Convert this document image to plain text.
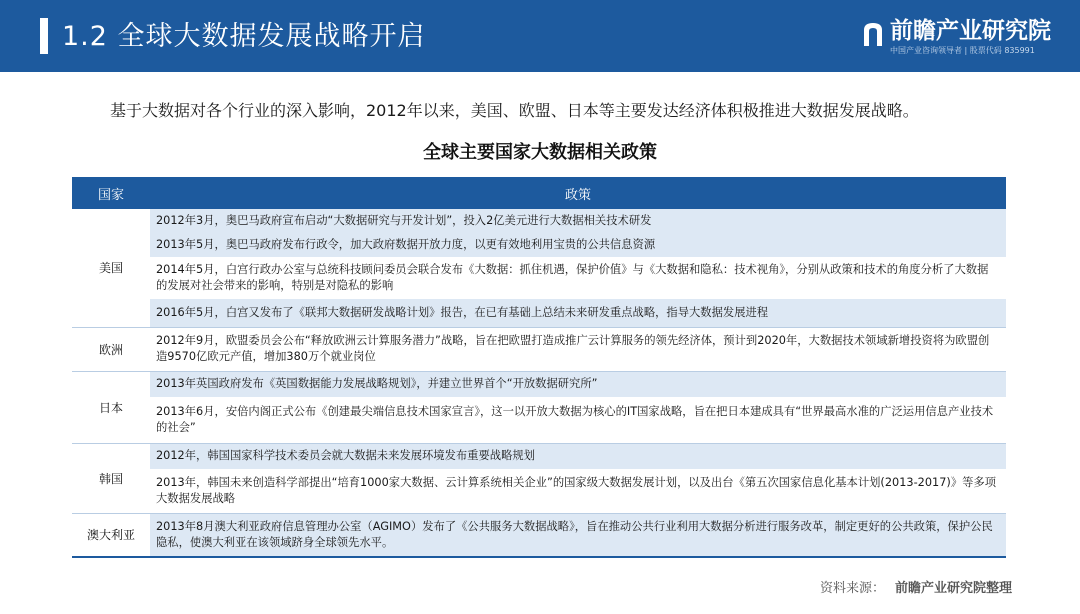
1.2 全球大数据发展战略开启	前瞻产业研究院
中国产业咨询领导者 | 股票代码 835991
基于大数据对各个行业的深入影响，2012年以来，美国、欧盟、日本等主要发达经济体积极推进大数据发展战略。
全球主要国家大数据相关政策
国家	政策
美国	2012年3月，奥巴马政府宣布启动“大数据研究与开发计划”，投入2亿美元进行大数据相关技术研发
	2013年5月，奥巴马政府发布行政令，加大政府数据开放力度，以更有效地利用宝贵的公共信息资源
	2014年5月，白宫行政办公室与总统科技顾问委员会联合发布《大数据：抓住机遇，保护价值》与《大数据和隐私：技术视角》，分别从政策和技术的角度分析了大数据的发展对社会带来的影响，特别是对隐私的影响
	2016年5月，白宫又发布了《联邦大数据研发战略计划》报告，在已有基础上总结未来研发重点战略，指导大数据发展进程
欧洲	2012年9月，欧盟委员会公布“释放欧洲云计算服务潜力”战略，旨在把欧盟打造成推广云计算服务的领先经济体，预计到2020年，大数据技术领域新增投资将为欧盟创造9570亿欧元产值，增加380万个就业岗位
日本	2013年英国政府发布《英国数据能力发展战略规划》，并建立世界首个“开放数据研究所”
	2013年6月，安倍内阁正式公布《创建最尖端信息技术国家宣言》，这一以开放大数据为核心的IT国家战略，旨在把日本建成具有“世界最高水准的广泛运用信息产业技术的社会”
韩国	2012年，韩国国家科学技术委员会就大数据未来发展环境发布重要战略规划
	2013年，韩国未来创造科学部提出“培育1000家大数据、云计算系统相关企业”的国家级大数据发展计划，以及出台《第五次国家信息化基本计划(2013-2017)》等多项大数据发展战略
澳大利亚	2013年8月澳大利亚政府信息管理办公室（AGIMO）发布了《公共服务大数据战略》，旨在推动公共行业利用大数据分析进行服务改革，制定更好的公共政策，保护公民隐私，使澳大利亚在该领域跻身全球领先水平。
资料来源： 前瞻产业研究院整理
